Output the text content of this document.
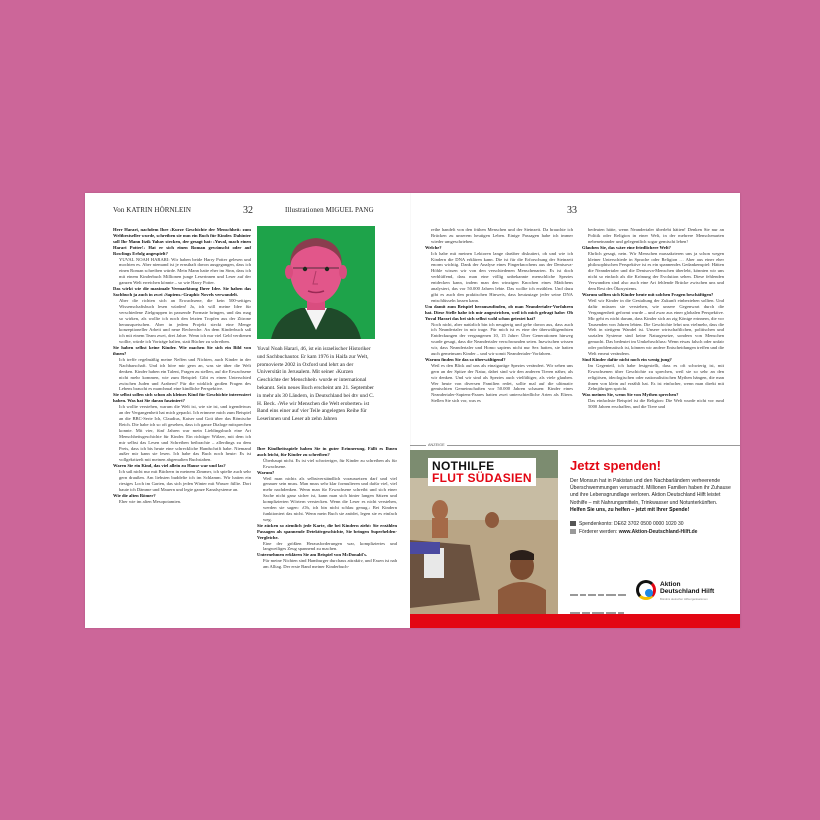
Von KATRIN HÖRNLEIN	32	Illustrationen MIGUEL PANG

Herr Harari, nachdem Ihre ›Kurze Geschichte der Menschheit‹ zum Weltbestseller wurde, schreiben sie nun ein Buch für Kinder. Dahinter soll Ihr Mann Itzik Yahav stecken, der gesagt hat: ›Yuval, mach einen Harari Potter!‹ Hat er sich einen Roman gewünscht oder auf Rowlings Erfolg angespielt?

YUVAL NOAH HARARI: Wir haben beide Harry Potter gelesen und mochten es. Aber niemand ist je ernsthaft davon ausgegangen, dass ich einen Roman schreiben würde. Mein Mann hatte eher im Sinn, dass ich mit einem Kinderbuch Millionen junge Leserinnen und Leser auf der ganzen Welt erreichen könnte – so wie Harry Potter.

Das wirkt wie die maximale Vermarktung Ihrer Idee. Sie haben das Sachbuch ja auch in zwei ›Sapiens‹-Graphic Novels verwandelt.

Aber die richten sich an Erwachsene, die kein 500-seitiges Wissenschaftsbuch lesen würden! Ja, ich will meine Idee für verschiedene Zielgruppen in passende Formate bringen, und das mag so wirken, als wollte ich noch den letzten Tropfen aus der Zitrone herausquetschen. Aber in jedem Projekt steckt eine Menge konzeptioneller Arbeit und neue Recherche. An dem Kinderbuch saß ich mit einem Team zwei, drei Jahre. Wenn ich nur viel Geld verdienen wollte, würde ich Vorträge halten, statt Bücher zu schreiben.

Sie haben selbst keine Kinder. Wie machen Sie sich ein Bild von ihnen?

Ich treffe regelmäßig meine Neffen und Nichten, auch Kinder in der Nachbarschaft. Und ich höre mir gern an, was sie über die Welt denken. Kinder haben ein Talent, Fragen zu stellen, auf die Erwachsene nicht mehr kommen, wie zum Beispiel: Gibt es einen Unterschied zwischen Juden und Arabern? Für die wirklich großen Fragen des Lebens braucht es manchmal eine kindliche Perspektive.

Sie selbst sollen sich schon als kleines Kind für Geschichte interessiert haben. Was hat Sie daran fasziniert?

Ich wollte verstehen, warum die Welt ist, wie sie ist, und irgendetwas an der Vergangenheit hat mich gepackt. Ich erinnere mich zum Beispiel an die BBC-Serie Ich, Claudius, Kaiser und Gott über das Römische Reich. Die habe ich so oft gesehen, dass ich ganze Dialoge mitsprechen konnte. Mit vier, fünf Jahren war mein Lieblingsbuch eine Art Menschheitsgeschichte für Kinder. Ein richtiger Wälzer, mit dem ich mir selbst das Lesen und Schreiben beibrachte – allerdings zu dem Preis, dass ich bis heute eine schreckliche Handschrift habe. Niemand außer mir kann sie lesen. Ich habe das Buch noch heute: Es ist vollgekritzelt mit meinen abgemalten Buchstaben.

Waren Sie ein Kind, das viel allein zu Hause war und las?

Ich saß nicht nur mit Büchern in meinem Zimmer, ich spielte auch sehr gern draußen. Am liebsten buddelte ich im Schlamm. Wir hatten ein riesiges Loch im Garten, das sich jeden Winter mit Wasser füllte. Dort baute ich Dämme und Mauern und legte ganze Kanalsysteme an.

Wie die alten Römer?

Eher wie im alten Mesopotamien.

Yuval Noah Harari, 46, ist ein israelischer Historiker und Sachbuchautor. Er kam 1976 in Haifa zur Welt, promovierte 2002 in Oxford und lehrt an der Universität in Jerusalem. Mit seiner ›Kurzen Geschichte der Menschheit‹ wurde er international bekannt. Sein neues Buch erscheint am 21. September in mehr als 30 Ländern, in Deutschland bei dtv und C. H. Beck. ›Wie wir Menschen die Welt eroberten‹ ist Band eins einer auf vier Teile angelegten Reihe für Leserinnen und Leser ab zehn Jahren

Ihre Kindheitsspiele haben Sie in guter Erinnerung. Fällt es Ihnen auch leicht, für Kinder zu schreiben?

Überhaupt nicht. Es ist viel schwieriger, für Kinder zu schreiben als für Erwachsene.

Warum?

Weil man nichts als selbstverständlich voraussetzen darf und viel genauer sein muss. Man muss sehr klar formulieren und dafür viel, viel mehr nachdenken. Wenn man für Erwachsene schreibt und sich einer Sache nicht ganz sicher ist, kann man sich hinter langen Sätzen und komplizierten Wörtern verstecken. Wenn die Leser es nicht verstehen, werden sie sagen: ›Oh, ich bin nicht schlau genug.‹ Bei Kindern funktioniert das nicht. Wenn mein Buch sie anödet, legen sie es einfach weg.

Sie zücken so ziemlich jede Karte, die bei Kindern zieht: Sie erzählen Passagen als spannende Detektivgeschichte, Sie bringen Superhelden-Vergleiche.

Eine der größten Herausforderungen war, kompliziertes und langweiliges Zeug spannend zu machen.

Unternehmen erklären Sie am Beispiel von McDonald's.

Für meine Nichten sind Hamburger durchaus attraktiv, und Essen ist nah am Alltag. Der erste Band meiner Kinderbuch-

33

reihe handelt von den frühen Menschen und der Steinzeit. Da brauchte ich Brücken zu unserem heutigen Leben. Einige Passagen habe ich immer wieder umgeschrieben.

Welche?

Ich habe mit meinen Lektoren lange darüber diskutiert, ob und wie ich Kindern die DNA erklären kann. Die ist für die Erforschung der Steinzeit enorm wichtig. Dank der Analyse eines Fingerknochens aus der Denisova-Höhle wissen wir von den verschiedenen Menschenarten. Es ist doch verblüffend, dass man eine völlig unbekannte menschliche Spezies entdecken kann, indem man den winzigen Knochen eines Mädchens analysiert, das vor 50.000 Jahren lebte. Das wollte ich erzählen. Und dazu gibt es auch den praktischen Hinweis, dass heutzutage jeder seine DNA entschlüsseln lassen kann.

Um damit zum Beispiel herauszufinden, ob man Neandertaler-Vorfahren hat. Diese Stelle habe ich mir angestrichen, weil ich mich gefragt habe: Ob Yuval Harari das bei sich selbst wohl schon getestet hat?

Noch nicht, aber natürlich bin ich neugierig und gehe davon aus, dass auch ich Neandertaler in mir trage. Für mich ist es eine der überwältigendsten Entdeckungen der vergangenen 10, 15 Jahre: Über Generationen hinweg wurde gesagt, dass die Neandertaler verschwunden seien. Inzwischen wissen wir, dass Neandertaler und Homo sapiens nicht nur Sex hatten, sie hatten auch gemeinsam Kinder – und wir somit Neandertaler-Vorfahren.

Warum finden Sie das so überwältigend?

Weil es den Blick auf uns als einzigartige Spezies verändert. Wir sehen uns gern an der Spitze der Natur, dabei sind wir den anderen Tieren näher, als wir denken. Und wir sind als Spezies auch vielfältiger, als viele glauben. Wer heute von diversen Familien redet, sollte mal auf die ultimativ gemischten Gemeinschaften vor 50.000 Jahren schauen: Kinder eines Neandertaler-Sapiens-Paares hatten zwei unterschiedliche Arten als Eltern. Stellen Sie sich vor, was es

bedeuten hätte, wenn Neandertaler überlebt hätten! Denken Sie nur an Politik oder Religion in einer Welt, in der mehrere Menschenarten nebeneinander und gelegentlich sogar gemischt leben!

Glauben Sie, das wäre eine friedlichere Welt?

Ehrlich gesagt, nein. Wir Menschen massakrieren uns ja schon wegen kleiner Unterschiede in Sprache oder Religion … Aber aus einer eher philosophischen Perspektive ist es ein spannendes Gedankenspiel: Hätten die Neandertaler und die Denisova-Menschen überlebt, könnten wir uns nicht so einfach als die Krönung der Evolution sehen. Diese fehlenden Verwandten sind also auch eine Art fehlende Brücke zwischen uns und dem Rest des Ökosystems.

Warum sollten sich Kinder heute mit solchen Fragen beschäftigen?

Weil wir Kinder in die Gestaltung der Zukunft einbeziehen sollten. Und dafür müssen sie verstehen, wie unsere Gegenwart durch die Vergangenheit geformt wurde – und zwar aus einer globalen Perspektive. Mir geht es nicht darum, dass Kinder sich an zig Könige erinnern, die vor Tausenden von Jahren lebten. Die Geschichte lehrt uns vielmehr, dass die Welt in stetigem Wandel ist. Unsere wirtschaftlichen, politischen und sozialen Systeme sind keine Naturgesetze, sondern von Menschen gemacht. Das bedeutet im Umkehrschluss: Wenn etwas falsch oder unfair oder problematisch ist, können wir andere Entscheidungen treffen und die Welt erneut verändern.

Sind Kinder dafür nicht noch ein wenig jung?

Im Gegenteil, ich habe festgestellt, dass es oft schwierig ist, mit Erwachsenen über Geschichte zu sprechen, weil sie so sehr an den religiösen, ideologischen oder nationalistischen Mythen hängen, die man ihnen von klein auf erzählt hat. Es ist einfacher, wenn man direkt mit Zehnjährigen spricht.

Was meinen Sie, wenn Sie von Mythen sprechen?

Das einfachste Beispiel ist die Religion: Die Welt wurde nicht vor rund 5000 Jahren erschaffen, und die Tiere und

ANZEIGE
NOTHILFE
FLUT SÜDASIEN
Jetzt spenden!
Der Monsun hat in Pakistan und den Nachbarländern verheerende Überschwemmungen verursacht. Millionen Familien haben ihr Zuhause und ihre Lebensgrundlage verloren. Aktion Deutschland Hilft leistet Nothilfe – mit Nahrungsmitteln, Trinkwasser und Notunterkünften.
Helfen Sie uns, zu helfen – jetzt mit Ihrer Spende!
Spendenkonto: DE62 3702 0500 0000 1020 30
Förderer werden: www.Aktion-Deutschland-Hilft.de

Aktion
Deutschland Hilft
Bündnis deutscher Hilfsorganisationen
